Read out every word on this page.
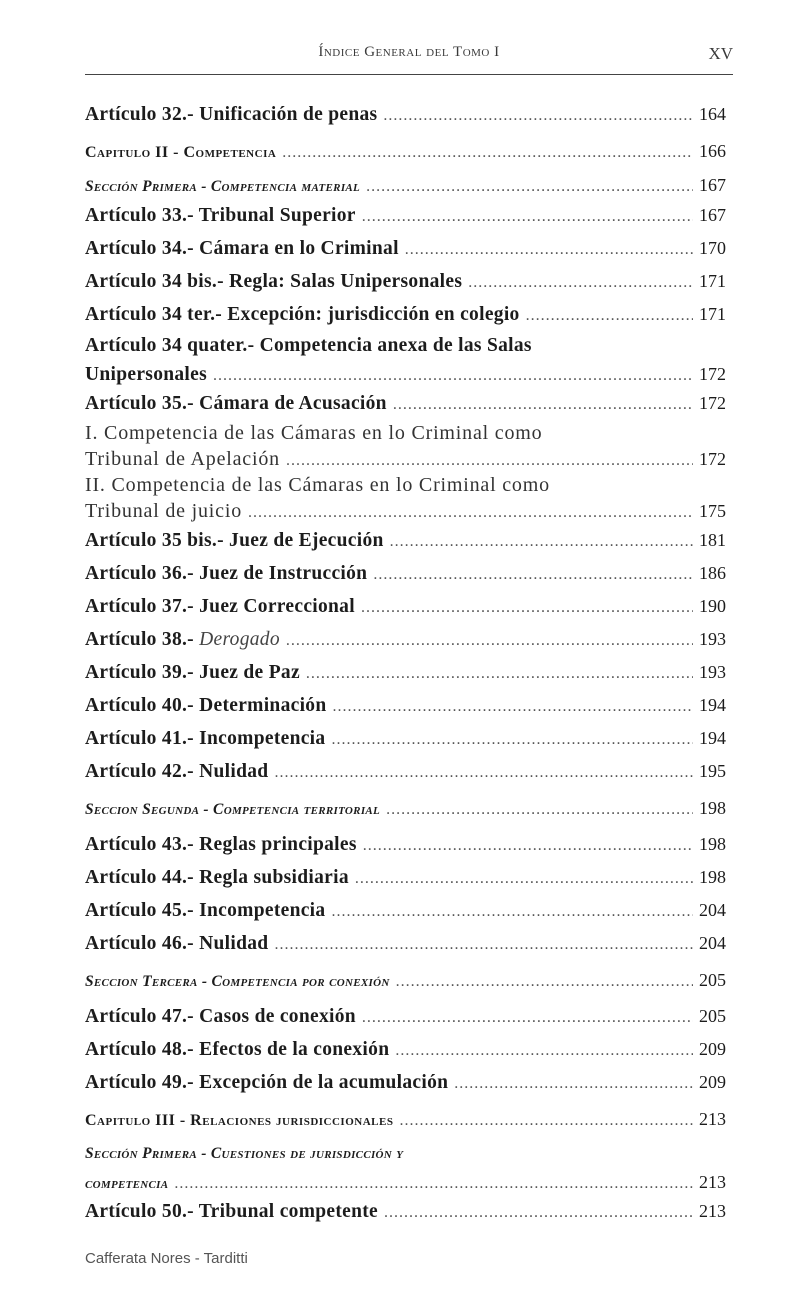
Índice General del Tomo I	XV
Artículo 32.- Unificación de penas .....	164
Capitulo II - Competencia .....	166
Sección Primera - Competencia material .....	167
Artículo 33.- Tribunal Superior .....	167
Artículo 34.- Cámara en lo Criminal .....	170
Artículo 34 bis.- Regla: Salas Unipersonales .....	171
Artículo 34 ter.- Excepción: jurisdicción en colegio .....	171
Artículo 34 quater.- Competencia anexa de las Salas
Unipersonales .....	172
Artículo 35.- Cámara de Acusación .....	172
I. Competencia de las Cámaras en lo Criminal como
Tribunal de Apelación .....	172
II. Competencia de las Cámaras en lo Criminal como
Tribunal de juicio .....	175
Artículo 35 bis.- Juez de Ejecución .....	181
Artículo 36.- Juez de Instrucción .....	186
Artículo 37.- Juez Correccional .....	190
Artículo 38.- Derogado .....	193
Artículo 39.- Juez de Paz .....	193
Artículo 40.- Determinación .....	194
Artículo 41.- Incompetencia .....	194
Artículo 42.- Nulidad .....	195
Seccion Segunda - Competencia territorial .....	198
Artículo 43.- Reglas principales .....	198
Artículo 44.- Regla subsidiaria .....	198
Artículo 45.- Incompetencia .....	204
Artículo 46.- Nulidad .....	204
Seccion Tercera - Competencia por conexión .....	205
Artículo 47.- Casos de conexión .....	205
Artículo 48.- Efectos de la conexión .....	209
Artículo 49.- Excepción de la acumulación .....	209
Capitulo III - Relaciones jurisdiccionales .....	213
Sección Primera - Cuestiones de jurisdicción y
competencia .....	213
Artículo 50.- Tribunal competente .....	213
Cafferata Nores - Tarditti
